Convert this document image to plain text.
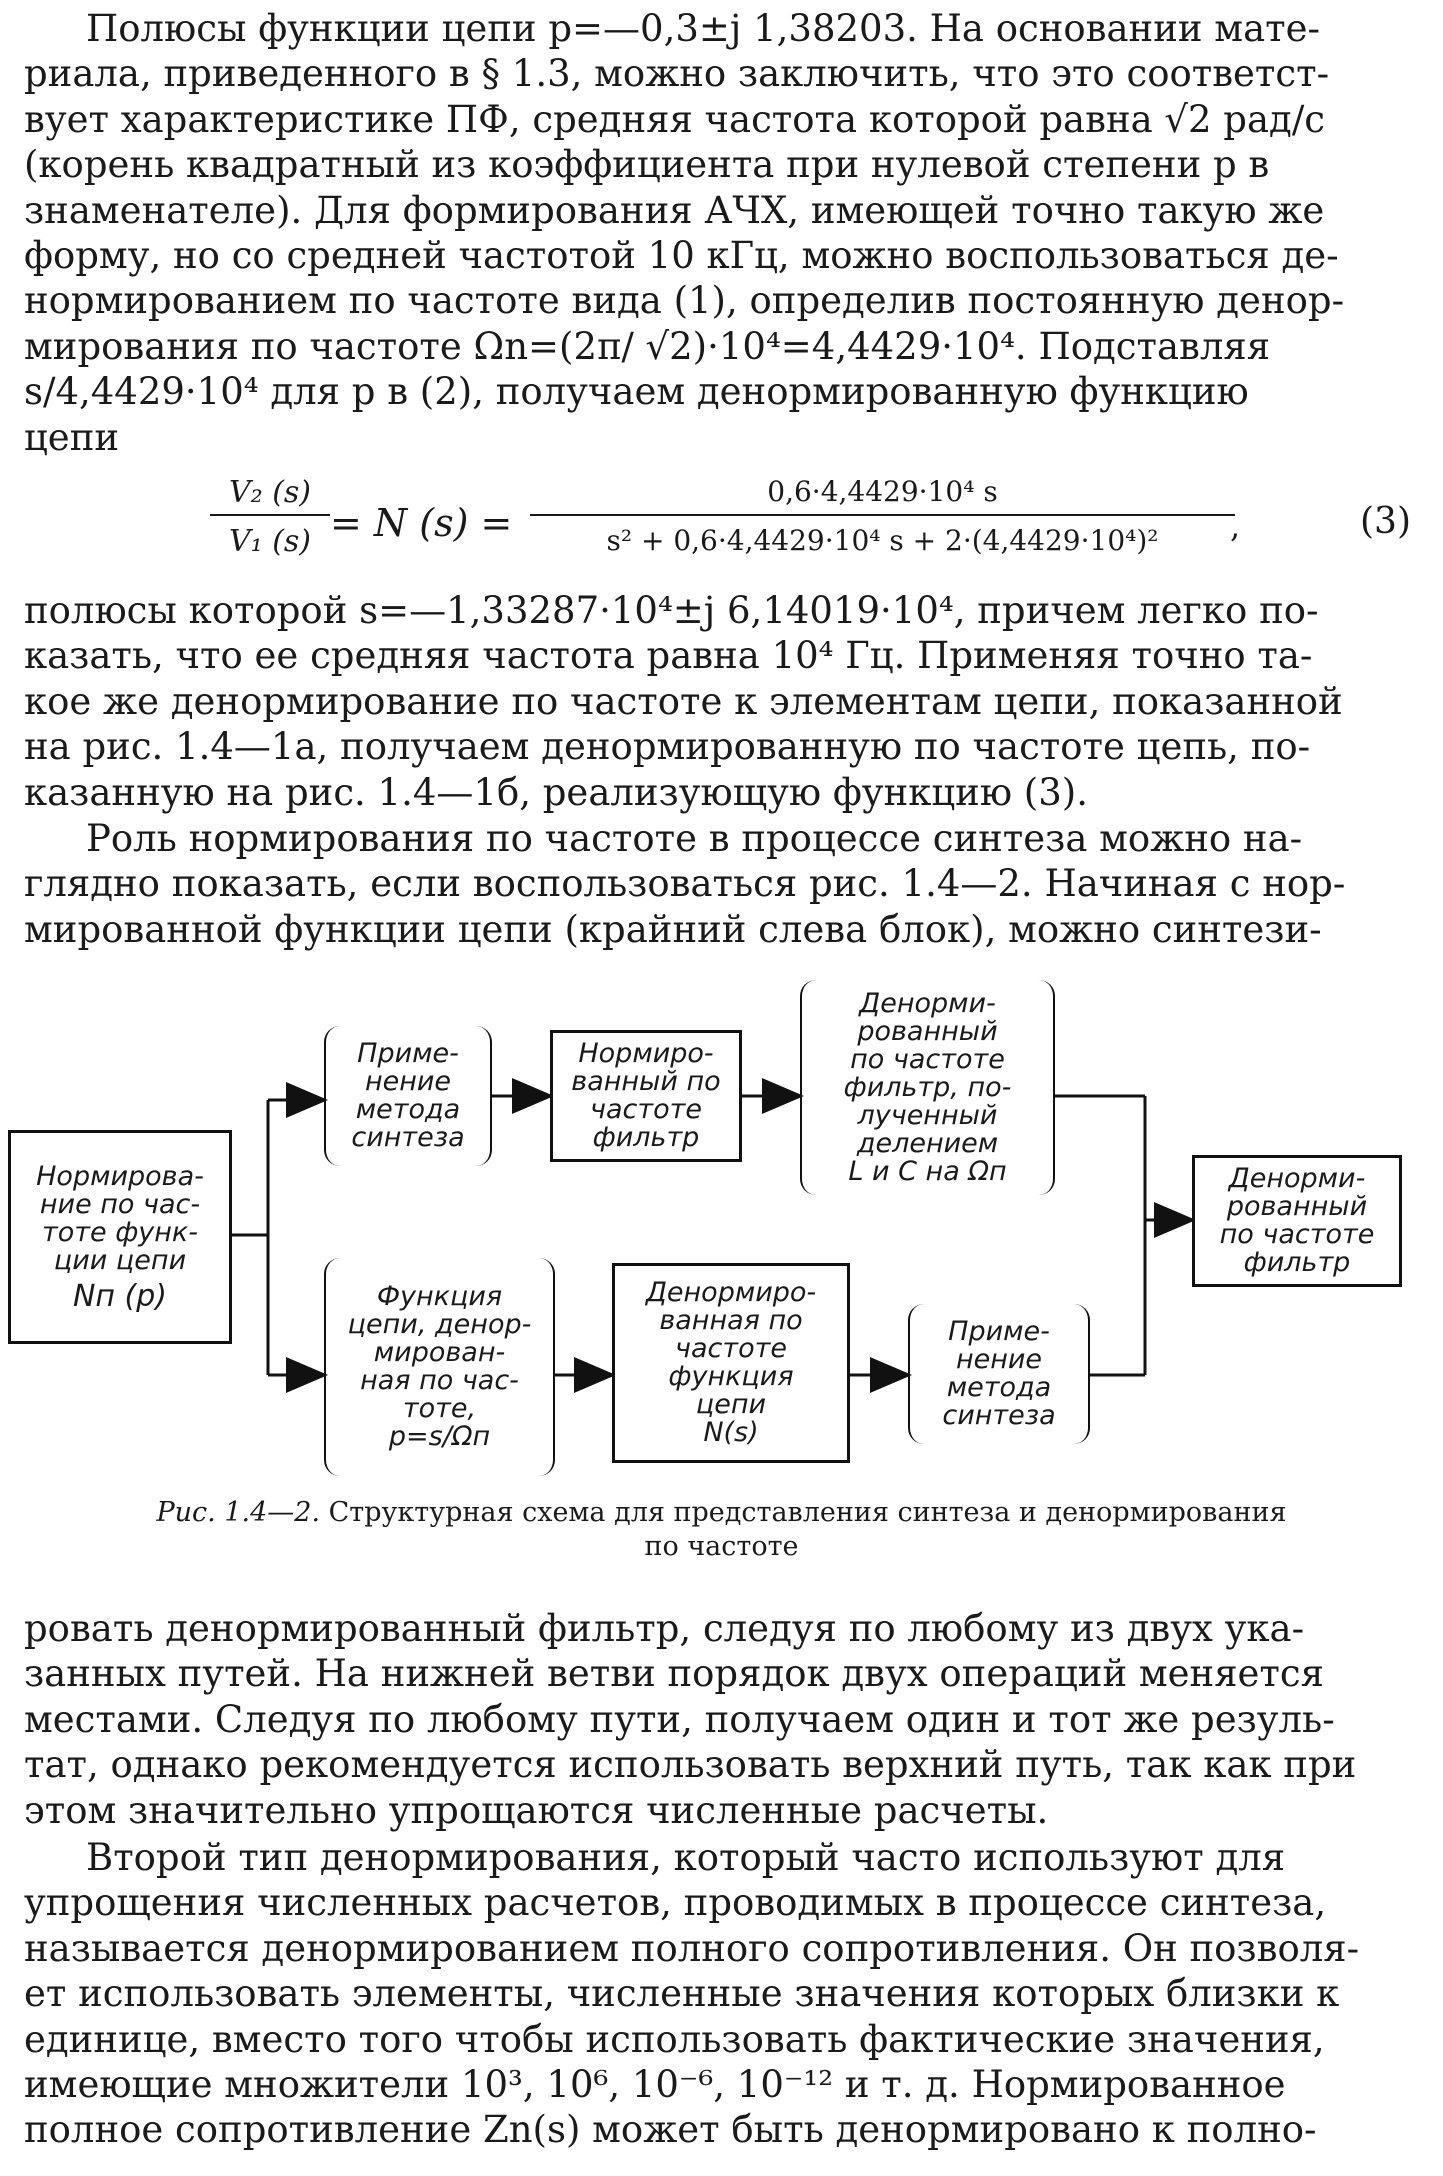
Полюсы функции цепи p=—0,3±j 1,38203. На основании мате-
риала, приведенного в § 1.3, можно заключить, что это соответст-
вует характеристике ПФ, средняя частота которой равна √2 рад/с
(корень квадратный из коэффициента при нулевой степени p в
знаменателе). Для формирования АЧХ, имеющей точно такую же
форму, но со средней частотой 10 кГц, можно воспользоваться де-
нормированием по частоте вида (1), определив постоянную денор-
мирования по частоте Ωn=(2π/ √2)·10⁴=4,4429·10⁴. Подставляя
s/4,4429·10⁴ для p в (2), получаем денормированную функцию
цепи
$\frac{\text{V₂ (s)}}{\text{V₁ (s)}} = N$ $(s) = \frac{\text{0,6·4,4429·10⁴ s}}{\text{s² + 0,6·4,4429·10⁴ s + 2·(4,4429·10⁴)²}}$
,	(3)
полюсы которой s=—1,33287·10⁴±j 6,14019·10⁴, причем легко по-
казать, что ее средняя частота равна 10⁴ Гц. Применяя точно та-
кое же денормирование по частоте к элементам цепи, показанной
на рис. 1.4—1a, получаем денормированную по частоте цепь, по-
казанную на рис. 1.4—1б, реализующую функцию (3).
Роль нормирования по частоте в процессе синтеза можно на-
глядно показать, если воспользоваться рис. 1.4—2. Начиная с нор-
мированной функции цепи (крайний слева блок), можно синтези-
Нормирова-
ние по час-
тоте функ-
ции цепи
Nп (p)
Приме-
нение
метода
синтеза
Нормиро-
ванный по
частоте
фильтр
Денорми-
рованный
по частоте
фильтр, по-
лученный
делением
L и C на Ωп
Функция
цепи, денор-
мирован-
ная по час-
тоте,
p=s/Ωп
Денормиро-
ванная по
частоте
функция
цепи
N(s)
Приме-
нение
метода
синтеза
Денорми-
рованный
по частоте
фильтр
Рис. 1.4—2. Структурная схема для представления синтеза и денормирования
по частоте
ровать денормированный фильтр, следуя по любому из двух ука-
занных путей. На нижней ветви порядок двух операций меняется
местами. Следуя по любому пути, получаем один и тот же резуль-
тат, однако рекомендуется использовать верхний путь, так как при
этом значительно упрощаются численные расчеты.
Второй тип денормирования, который часто используют для
упрощения численных расчетов, проводимых в процессе синтеза,
называется денормированием полного сопротивления. Он позволя-
ет использовать элементы, численные значения которых близки к
единице, вместо того чтобы использовать фактические значения,
имеющие множители 10³, 10⁶, 10⁻⁶, 10⁻¹² и т. д. Нормированное
полное сопротивление Zn(s) может быть денормировано к полно-
